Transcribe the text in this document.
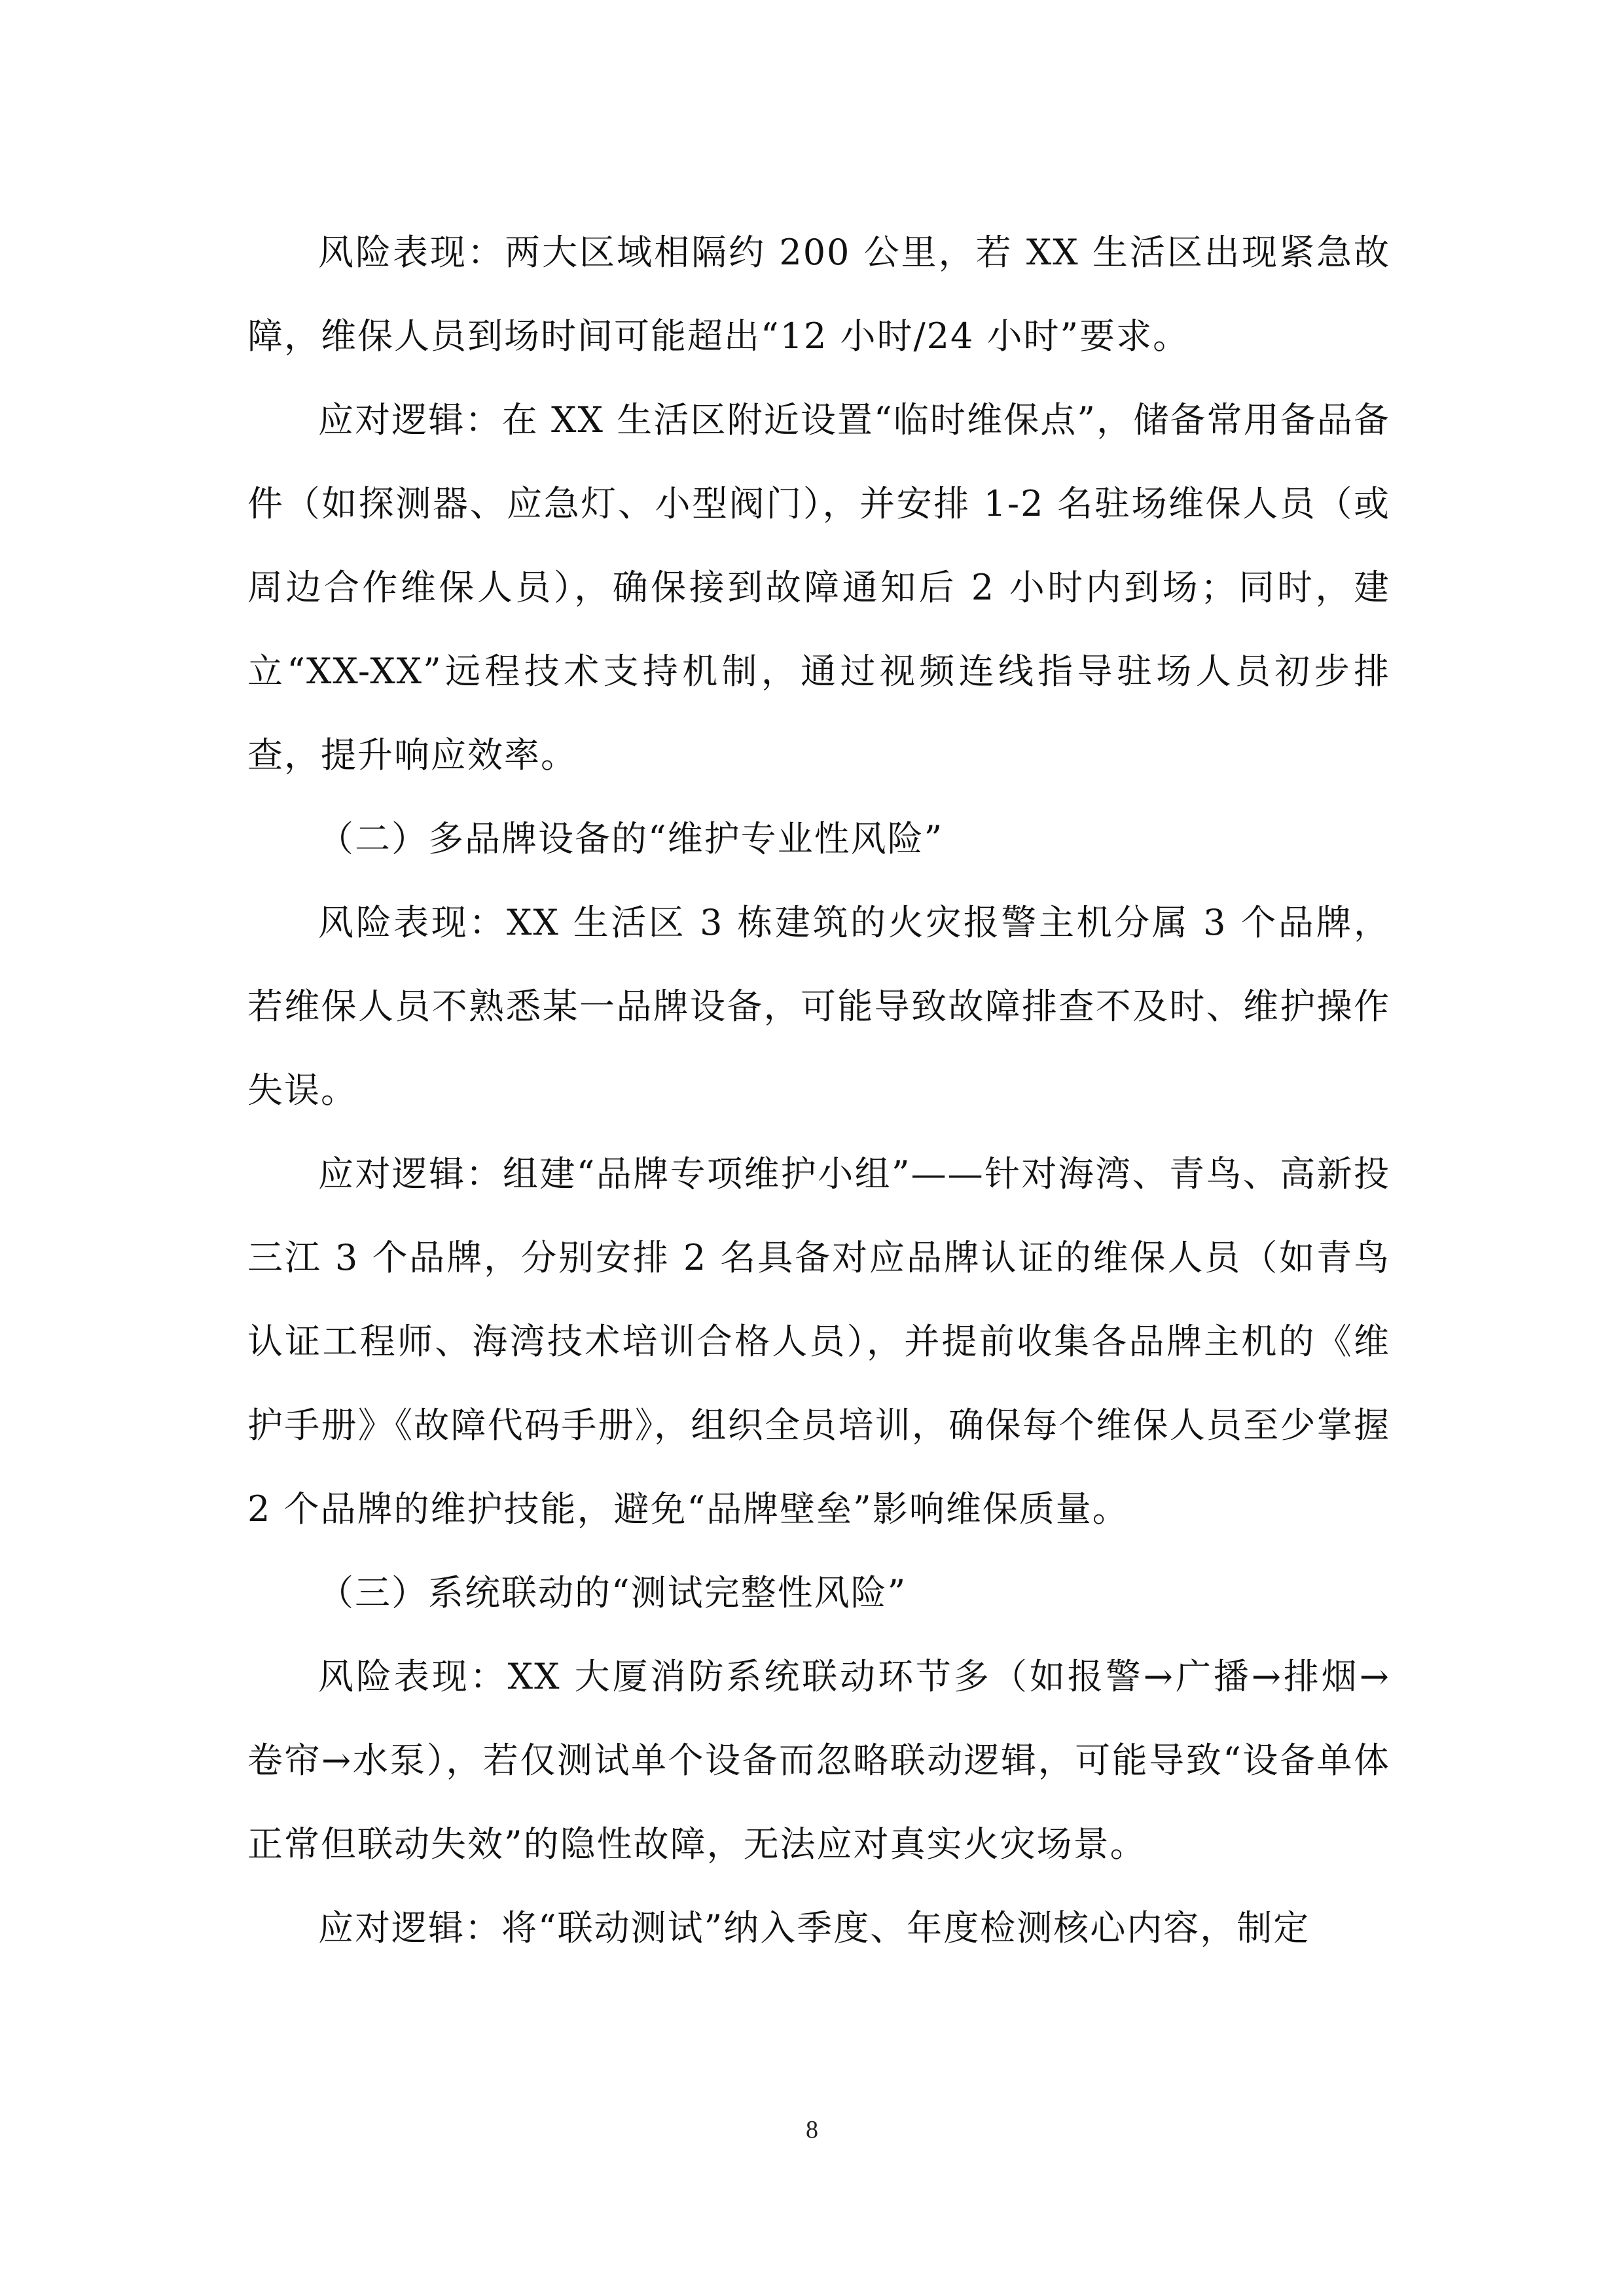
风险表现：两大区域相隔约 200 公里，若 XX 生活区出现紧急故障，维保人员到场时间可能超出“12 小时/24 小时”要求。

应对逻辑：在 XX 生活区附近设置“临时维保点”，储备常用备品备件（如探测器、应急灯、小型阀门），并安排 1-2 名驻场维保人员（或周边合作维保人员），确保接到故障通知后 2 小时内到场；同时，建立“XX-XX”远程技术支持机制，通过视频连线指导驻场人员初步排查，提升响应效率。

（二）多品牌设备的“维护专业性风险”

风险表现：XX 生活区 3 栋建筑的火灾报警主机分属 3 个品牌，若维保人员不熟悉某一品牌设备，可能导致故障排查不及时、维护操作失误。

应对逻辑：组建“品牌专项维护小组”——针对海湾、青鸟、高新投三江 3 个品牌，分别安排 2 名具备对应品牌认证的维保人员（如青鸟认证工程师、海湾技术培训合格人员），并提前收集各品牌主机的《维护手册》《故障代码手册》，组织全员培训，确保每个维保人员至少掌握 2 个品牌的维护技能，避免“品牌壁垒”影响维保质量。

（三）系统联动的“测试完整性风险”

风险表现：XX 大厦消防系统联动环节多（如报警→广播→排烟→卷帘→水泵），若仅测试单个设备而忽略联动逻辑，可能导致“设备单体正常但联动失效”的隐性故障，无法应对真实火灾场景。

应对逻辑：将“联动测试”纳入季度、年度检测核心内容，制定

8
